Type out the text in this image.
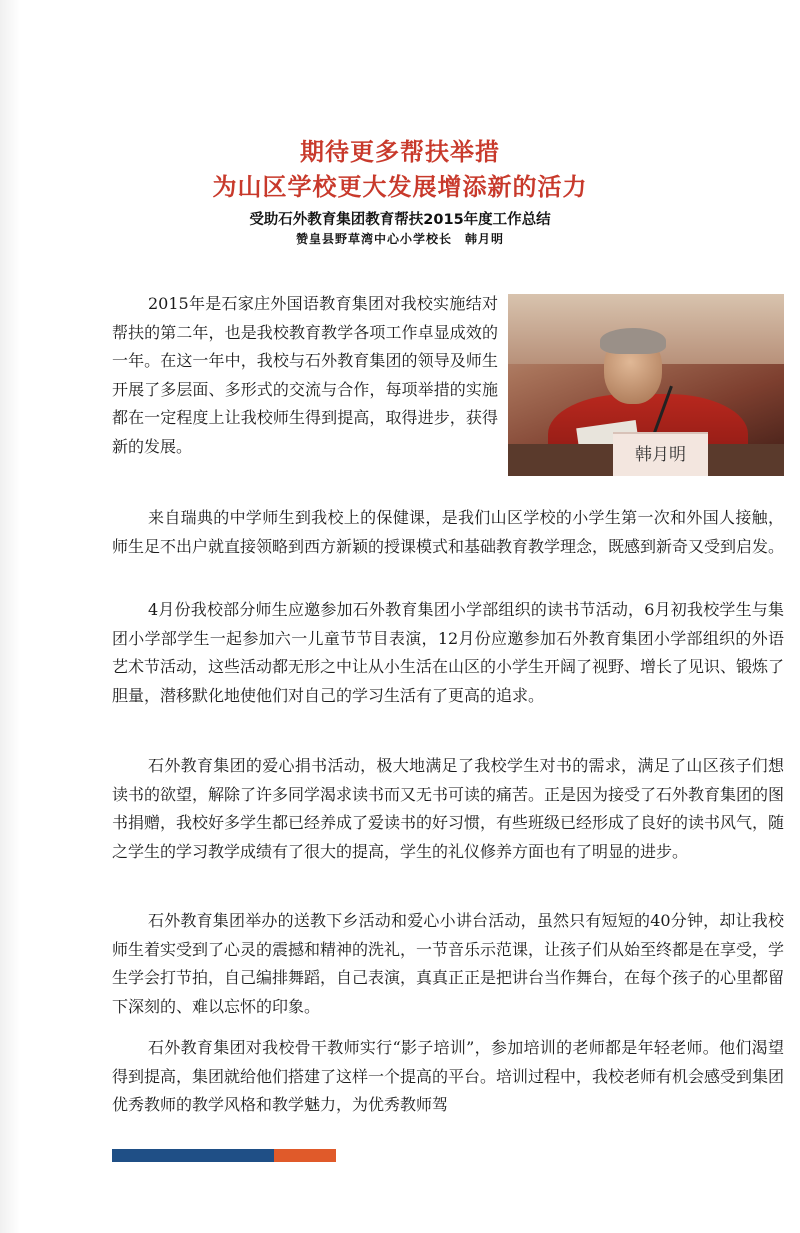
期待更多帮扶举措
为山区学校更大发展增添新的活力
受助石外教育集团教育帮扶2015年度工作总结
赞皇县野草湾中心小学校长　韩月明
韩月明

2015年是石家庄外国语教育集团对我校实施结对帮扶的第二年，也是我校教育教学各项工作卓显成效的一年。在这一年中，我校与石外教育集团的领导及师生开展了多层面、多形式的交流与合作，每项举措的实施都在一定程度上让我校师生得到提高，取得进步，获得新的发展。

来自瑞典的中学师生到我校上的保健课，是我们山区学校的小学生第一次和外国人接触，师生足不出户就直接领略到西方新颖的授课模式和基础教育教学理念，既感到新奇又受到启发。

4月份我校部分师生应邀参加石外教育集团小学部组织的读书节活动，6月初我校学生与集团小学部学生一起参加六一儿童节节目表演，12月份应邀参加石外教育集团小学部组织的外语艺术节活动，这些活动都无形之中让从小生活在山区的小学生开阔了视野、增长了见识、锻炼了胆量，潜移默化地使他们对自己的学习生活有了更高的追求。

石外教育集团的爱心捐书活动，极大地满足了我校学生对书的需求，满足了山区孩子们想读书的欲望，解除了许多同学渴求读书而又无书可读的痛苦。正是因为接受了石外教育集团的图书捐赠，我校好多学生都已经养成了爱读书的好习惯，有些班级已经形成了良好的读书风气，随之学生的学习教学成绩有了很大的提高，学生的礼仪修养方面也有了明显的进步。

石外教育集团举办的送教下乡活动和爱心小讲台活动，虽然只有短短的40分钟，却让我校师生着实受到了心灵的震撼和精神的洗礼，一节音乐示范课，让孩子们从始至终都是在享受，学生学会打节拍，自己编排舞蹈，自己表演，真真正正是把讲台当作舞台，在每个孩子的心里都留下深刻的、难以忘怀的印象。

石外教育集团对我校骨干教师实行“影子培训”，参加培训的老师都是年轻老师。他们渴望得到提高，集团就给他们搭建了这样一个提高的平台。培训过程中，我校老师有机会感受到集团优秀教师的教学风格和教学魅力，为优秀教师驾
